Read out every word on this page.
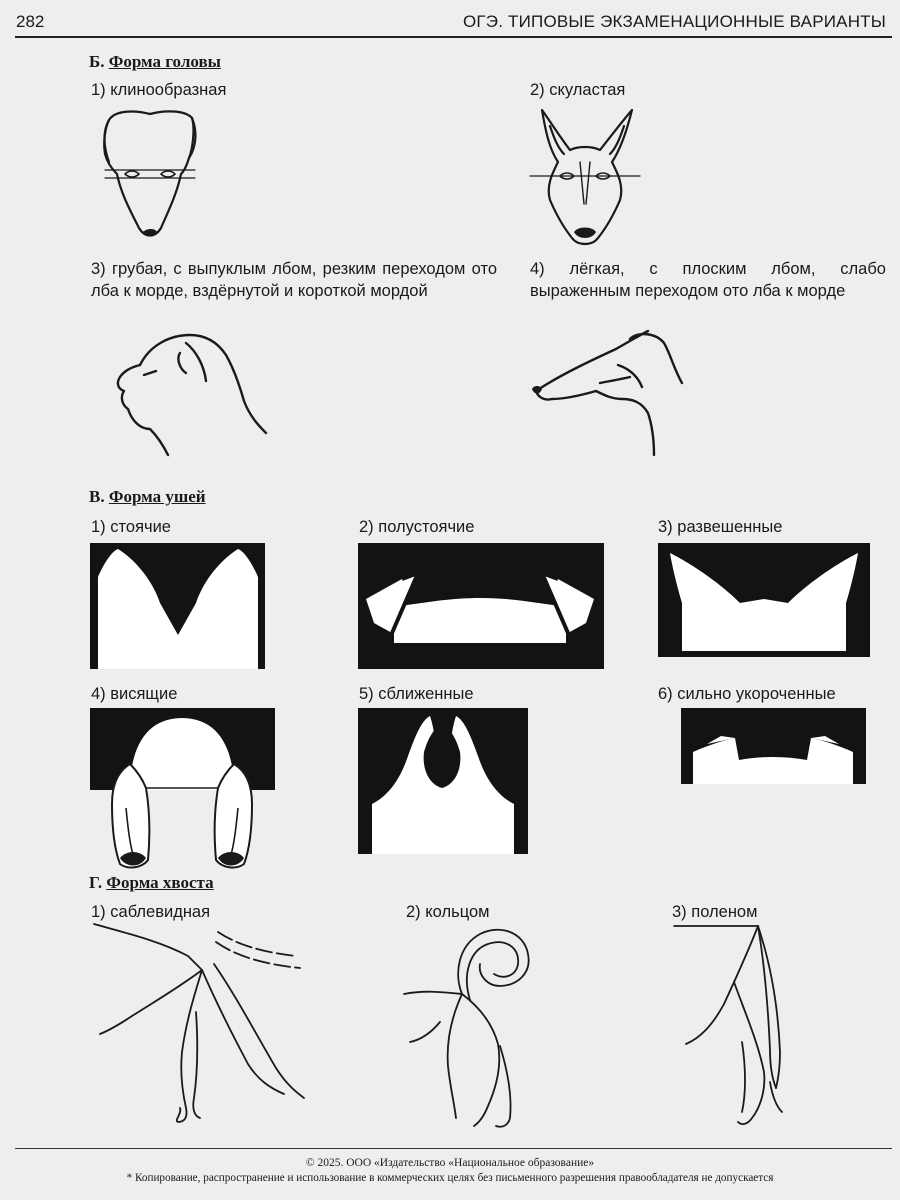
282	ОГЭ. ТИПОВЫЕ ЭКЗАМЕНАЦИОННЫЕ ВАРИАНТЫ
Б. Форма головы
1) клинообразная	2) скуластая
3) грубая, с выпуклым лбом, резким переходом ото лба к морде, вздёрнутой и короткой мордой
4) лёгкая, с плоским лбом, слабо выраженным переходом ото лба к морде
В. Форма ушей
1) стоячие	2) полустоячие	3) развешенные
4) висящие	5) сближенные	6) сильно укороченные
Г. Форма хвоста
1) саблевидная	2) кольцом	3) поленом
© 2025. ООО «Издательство «Национальное образование»
* Копирование, распространение и использование в коммерческих целях без письменного разрешения правообладателя не допускается
